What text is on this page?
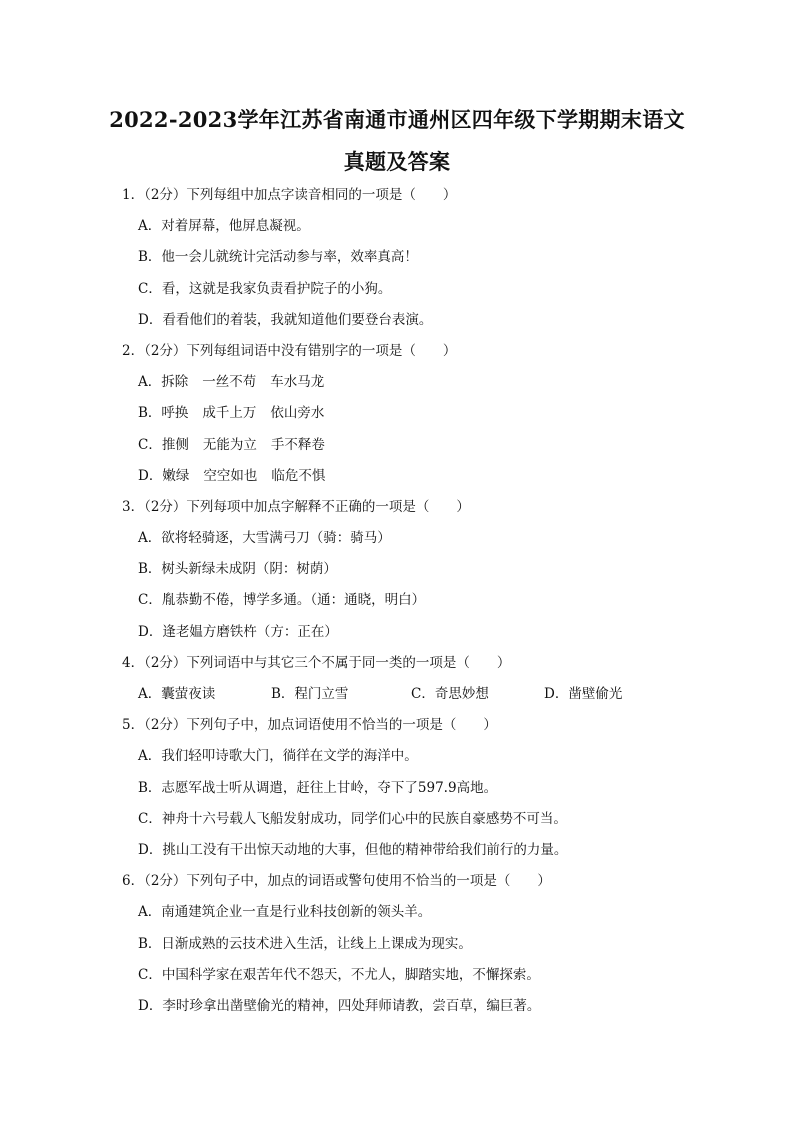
2022-2023学年江苏省南通市通州区四年级下学期期末语文
真题及答案
1．（2分）下列每组中加点字读音相同的一项是（　　）
A．对着屏幕，他屏息凝视。
B．他一会儿就统计完活动参与率，效率真高！
C．看，这就是我家负责看护院子的小狗。
D．看看他们的着装，我就知道他们要登台表演。
2．（2分）下列每组词语中没有错别字的一项是（　　）
A．拆除 一丝不苟 车水马龙
B．呼换 成千上万 依山旁水
C．推侧 无能为立 手不释卷
D．嫩绿 空空如也 临危不惧
3．（2分）下列每项中加点字解释不正确的一项是（　　）
A．欲将轻骑逐，大雪满弓刀（骑：骑马）
B．树头新绿未成阴（阴：树荫）
C．胤恭勤不倦，博学多通。（通：通晓，明白）
D．逢老媪方磨铁杵（方：正在）
4．（2分）下列词语中与其它三个不属于同一类的一项是（　　）
A．囊萤夜读	B．程门立雪	C．奇思妙想	D．凿壁偷光
5．（2分）下列句子中，加点词语使用不恰当的一项是（　　）
A．我们轻叩诗歌大门，徜徉在文学的海洋中。
B．志愿军战士听从调遣，赶往上甘岭，夺下了597.9高地。
C．神舟十六号载人飞船发射成功，同学们心中的民族自豪感势不可当。
D．挑山工没有干出惊天动地的大事，但他的精神带给我们前行的力量。
6．（2分）下列句子中，加点的词语或警句使用不恰当的一项是（　　）
A．南通建筑企业一直是行业科技创新的领头羊。
B．日渐成熟的云技术进入生活，让线上上课成为现实。
C．中国科学家在艰苦年代不怨天，不尤人，脚踏实地，不懈探索。
D．李时珍拿出凿壁偷光的精神，四处拜师请教，尝百草，编巨著。
